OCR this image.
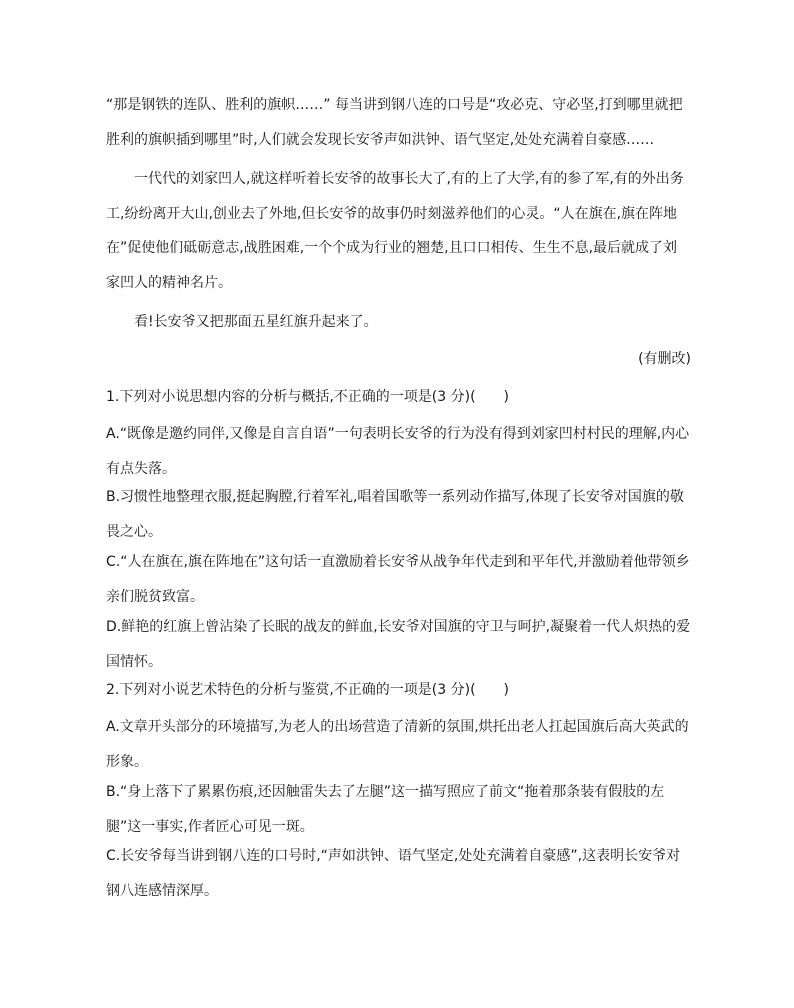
“那是钢铁的连队、胜利的旗帜……” 每当讲到钢八连的口号是“攻必克、守必坚,打到哪里就把胜利的旗帜插到哪里”时,人们就会发现长安爷声如洪钟、语气坚定,处处充满着自豪感……

一代代的刘家凹人,就这样听着长安爷的故事长大了,有的上了大学,有的参了军,有的外出务工,纷纷离开大山,创业去了外地,但长安爷的故事仍时刻滋养他们的心灵。“人在旗在,旗在阵地在”促使他们砥砺意志,战胜困难,一个个成为行业的翘楚,且口口相传、生生不息,最后就成了刘家凹人的精神名片。

看!长安爷又把那面五星红旗升起来了。

(有删改)

1.下列对小说思想内容的分析与概括,不正确的一项是(3 分)(　　)

A.“既像是邀约同伴,又像是自言自语”一句表明长安爷的行为没有得到刘家凹村村民的理解,内心有点失落。

B.习惯性地整理衣服,挺起胸膛,行着军礼,唱着国歌等一系列动作描写,体现了长安爷对国旗的敬畏之心。

C.“人在旗在,旗在阵地在”这句话一直激励着长安爷从战争年代走到和平年代,并激励着他带领乡亲们脱贫致富。

D.鲜艳的红旗上曾沾染了长眠的战友的鲜血,长安爷对国旗的守卫与呵护,凝聚着一代人炽热的爱国情怀。

2.下列对小说艺术特色的分析与鉴赏,不正确的一项是(3 分)(　　)

A.文章开头部分的环境描写,为老人的出场营造了清新的氛围,烘托出老人扛起国旗后高大英武的形象。

B.“身上落下了累累伤痕,还因触雷失去了左腿”这一描写照应了前文“拖着那条装有假肢的左腿”这一事实,作者匠心可见一斑。

C.长安爷每当讲到钢八连的口号时,“声如洪钟、语气坚定,处处充满着自豪感”,这表明长安爷对钢八连感情深厚。
